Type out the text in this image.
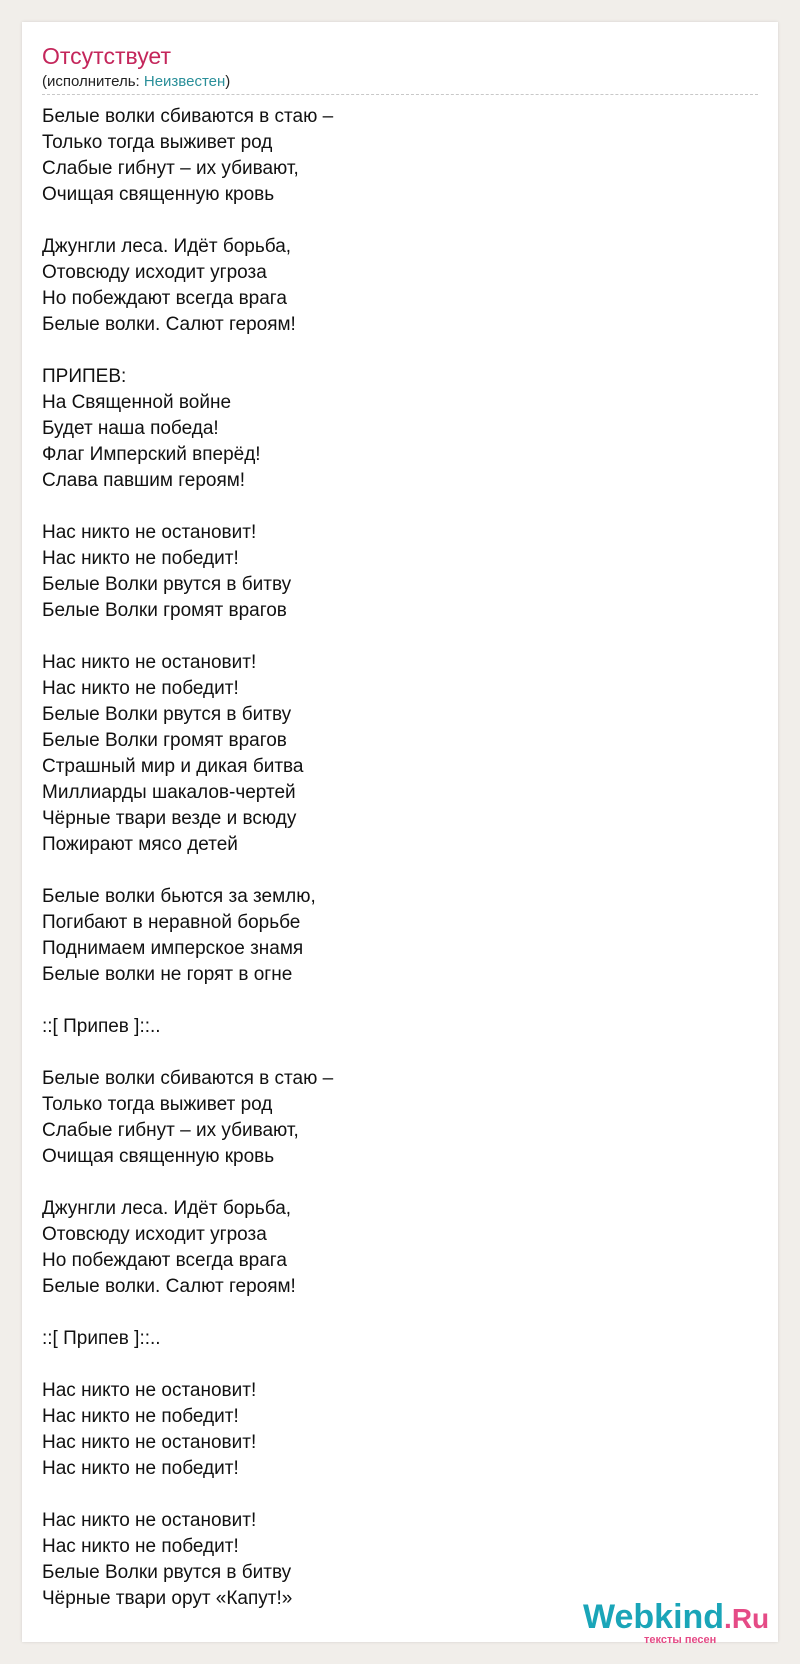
Отсутствует
(исполнитель: Неизвестен)
Белые волки сбиваются в стаю –
Только тогда выживет род
Слабые гибнут – их убивают,
Очищая священную кровь
Джунгли леса. Идёт борьба,
Отовсюду исходит угроза
Но побеждают всегда врага
Белые волки. Салют героям!
ПРИПЕВ:
На Священной войне
Будет наша победа!
Флаг Имперский вперёд!
Слава павшим героям!
Нас никто не остановит!
Нас никто не победит!
Белые Волки рвутся в битву
Белые Волки громят врагов
Нас никто не остановит!
Нас никто не победит!
Белые Волки рвутся в битву
Белые Волки громят врагов
Страшный мир и дикая битва
Миллиарды шакалов-чертей
Чёрные твари везде и всюду
Пожирают мясо детей
Белые волки бьются за землю,
Погибают в неравной борьбе
Поднимаем имперское знамя
Белые волки не горят в огне
::[ Припев ]::..
Белые волки сбиваются в стаю –
Только тогда выживет род
Слабые гибнут – их убивают,
Очищая священную кровь
Джунгли леса. Идёт борьба,
Отовсюду исходит угроза
Но побеждают всегда врага
Белые волки. Салют героям!
::[ Припев ]::..
Нас никто не остановит!
Нас никто не победит!
Нас никто не остановит!
Нас никто не победит!
Нас никто не остановит!
Нас никто не победит!
Белые Волки рвутся в битву
Чёрные твари орут «Капут!»	Webkind.Ru
тексты песен
